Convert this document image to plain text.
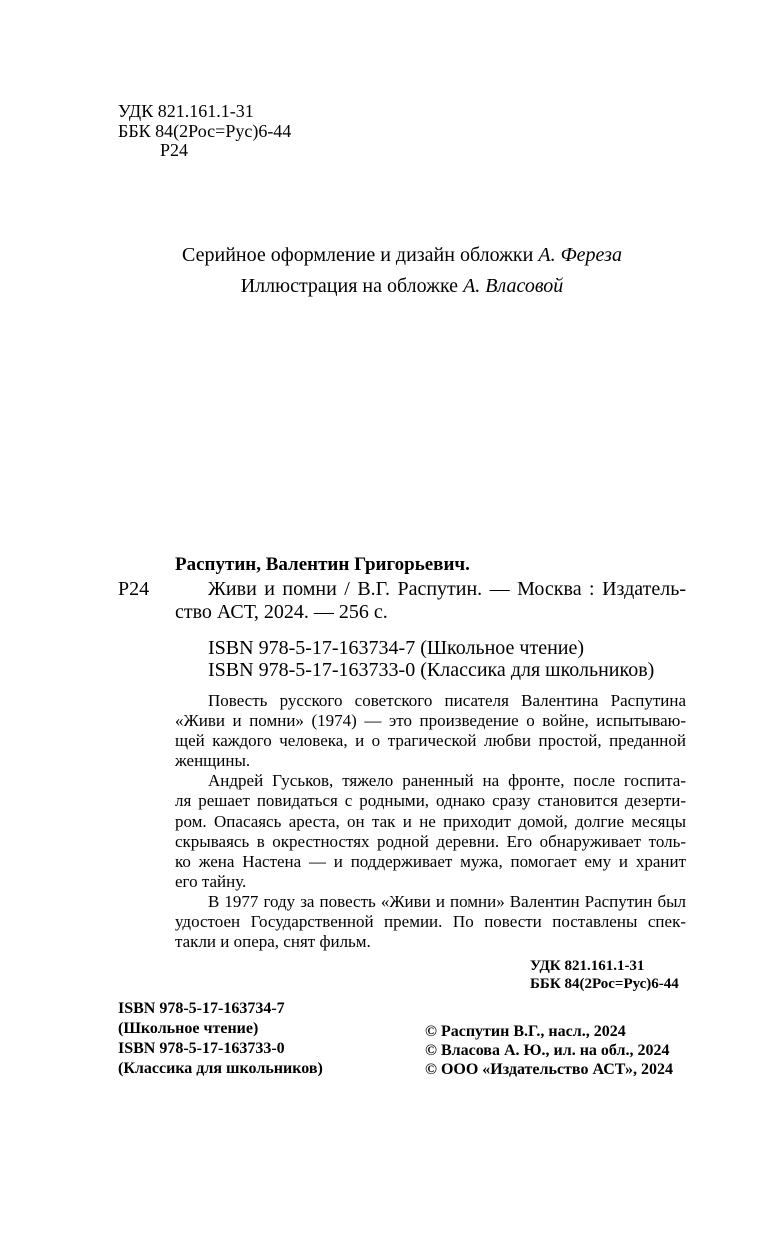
УДК 821.161.1-31
ББК 84(2Рос=Рус)6-44
Р24
Серийное оформление и дизайн обложки А. Фереза
Иллюстрация на обложке А. Власовой
Распутин, Валентин Григорьевич.
Р24	Живи и помни / В.Г. Распутин. — Москва : Издатель-
ство АСТ, 2024. — 256 с.
ISBN 978-5-17-163734-7 (Школьное чтение)
ISBN 978-5-17-163733-0 (Классика для школьников)
Повесть русского советского писателя Валентина Распутина
«Живи и помни» (1974) — это произведение о войне, испытываю-
щей каждого человека, и о трагической любви простой, преданной
женщины.
Андрей Гуськов, тяжело раненный на фронте, после госпита-
ля решает повидаться с родными, однако сразу становится дезерти-
ром. Опасаясь ареста, он так и не приходит домой, долгие месяцы
скрываясь в окрестностях родной деревни. Его обнаруживает толь-
ко жена Настена — и поддерживает мужа, помогает ему и хранит
его тайну.
В 1977 году за повесть «Живи и помни» Валентин Распутин был
удостоен Государственной премии. По повести поставлены спек-
такли и опера, снят фильм.
УДК 821.161.1-31
ББК 84(2Рос=Рус)6-44
ISBN 978-5-17-163734-7
(Школьное чтение)
ISBN 978-5-17-163733-0
(Классика для школьников)
© Распутин В.Г., насл., 2024
© Власова А. Ю., ил. на обл., 2024
© ООО «Издательство АСТ», 2024
